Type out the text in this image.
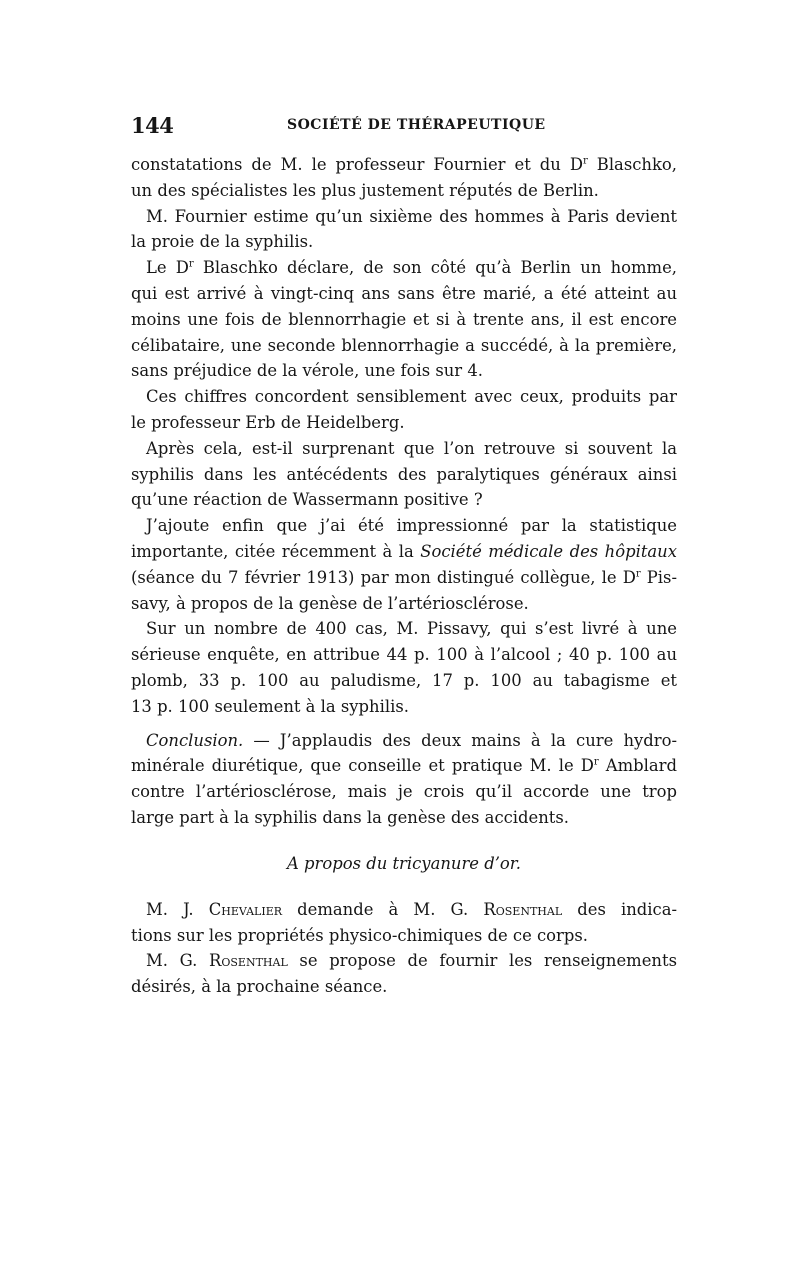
144	SOCIÉTÉ DE THÉRAPEUTIQUE
constatations de M. le professeur Fournier et du $D^r$ Blaschko,
un des spécialistes les plus justement réputés de Berlin.
M. Fournier estime qu’un sixième des hommes à Paris devient
la proie de la syphilis.
Le $D^r$ Blaschko déclare, de son côté qu’à Berlin un homme,
qui est arrivé à vingt-cinq ans sans être marié, a été atteint au
moins une fois de blennorrhagie et si à trente ans, il est encore
célibataire, une seconde blennorrhagie a succédé, à la première,
sans préjudice de la vérole, une fois sur 4.
Ces chiffres concordent sensiblement avec ceux, produits par
le professeur Erb de Heidelberg.
Après cela, est-il surprenant que l’on retrouve si souvent la
syphilis dans les antécédents des paralytiques généraux ainsi
qu’une réaction de Wassermann positive ?
J’ajoute enfin que j’ai été impressionné par la statistique
importante, citée récemment à la Société médicale des hôpitaux
(séance du 7 février 1913) par mon distingué collègue, le $D^r$ Pis-
savy, à propos de la genèse de l’artériosclérose.
Sur un nombre de 400 cas, M. Pissavy, qui s’est livré à une
sérieuse enquête, en attribue 44 p. 100 à l’alcool ; 40 p. 100 au
plomb, 33 p. 100 au paludisme, 17 p. 100 au tabagisme et
13 p. 100 seulement à la syphilis.
Conclusion. — J’applaudis des deux mains à la cure hydro-
minérale diurétique, que conseille et pratique M. le $D^r$ Amblard
contre l’artériosclérose, mais je crois qu’il accorde une trop
large part à la syphilis dans la genèse des accidents.
A propos du tricyanure d’or.
M. J. Chevalier demande à M. G. Rosenthal des indica-
tions sur les propriétés physico-chimiques de ce corps.
M. G. Rosenthal se propose de fournir les renseignements
désirés, à la prochaine séance.
